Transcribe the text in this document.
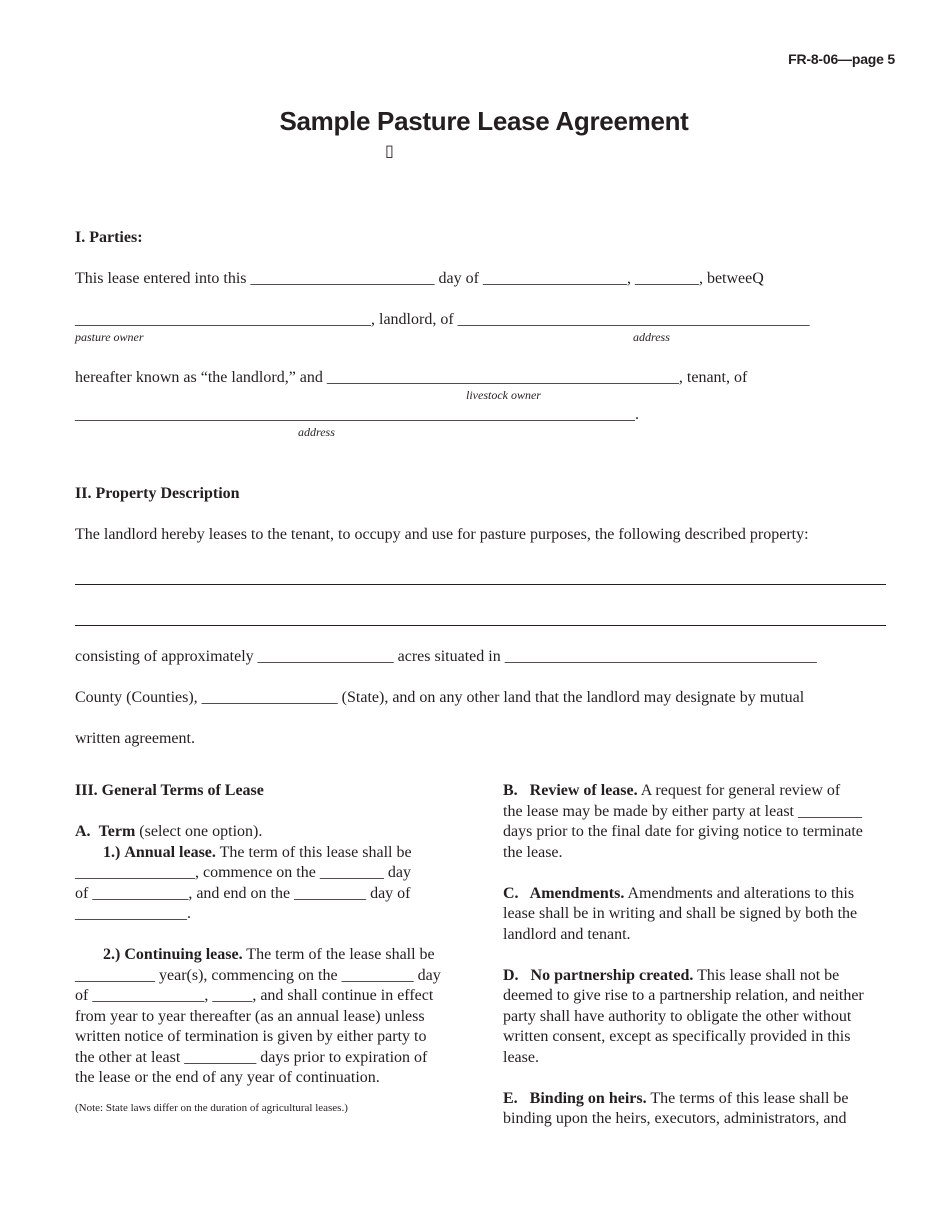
FR-8-06—page 5
Sample Pasture Lease Agreement
▯
I. Parties:
This lease entered into this _______________________ day of __________________, ________, betweeQ
_____________________________________, landlord, of ____________________________________________
pasture owner	address
hereafter known as “the landlord,” and ____________________________________________, tenant, of
livestock owner
______________________________________________________________________.
address
II. Property Description
The landlord hereby leases to the tenant, to occupy and use for pasture purposes, the following described property:
consisting of approximately _________________ acres situated in _______________________________________
County (Counties), _________________ (State), and on any other land that the landlord may designate by mutual
written agreement.

III. General Terms of Lease

A. Term (select one option).

1.) Annual lease. The term of this lease shall be

_______________, commence on the ________ day

of ____________, and end on the _________ day of

______________.

2.) Continuing lease. The term of the lease shall be

__________ year(s), commencing on the _________ day

of ______________, _____, and shall continue in effect

from year to year thereafter (as an annual lease) unless

written notice of termination is given by either party to

the other at least _________ days prior to expiration of

the lease or the end of any year of continuation.

(Note: State laws differ on the duration of agricultural leases.)

B.   Review of lease. A request for general review of

the lease may be made by either party at least ________

days prior to the final date for giving notice to terminate

the lease.

C.   Amendments. Amendments and alterations to this

lease shall be in writing and shall be signed by both the

landlord and tenant.

D.   No partnership created. This lease shall not be

deemed to give rise to a partnership relation, and neither

party shall have authority to obligate the other without

written consent, except as specifically provided in this

lease.

E.   Binding on heirs. The terms of this lease shall be

binding upon the heirs, executors, administrators, and
